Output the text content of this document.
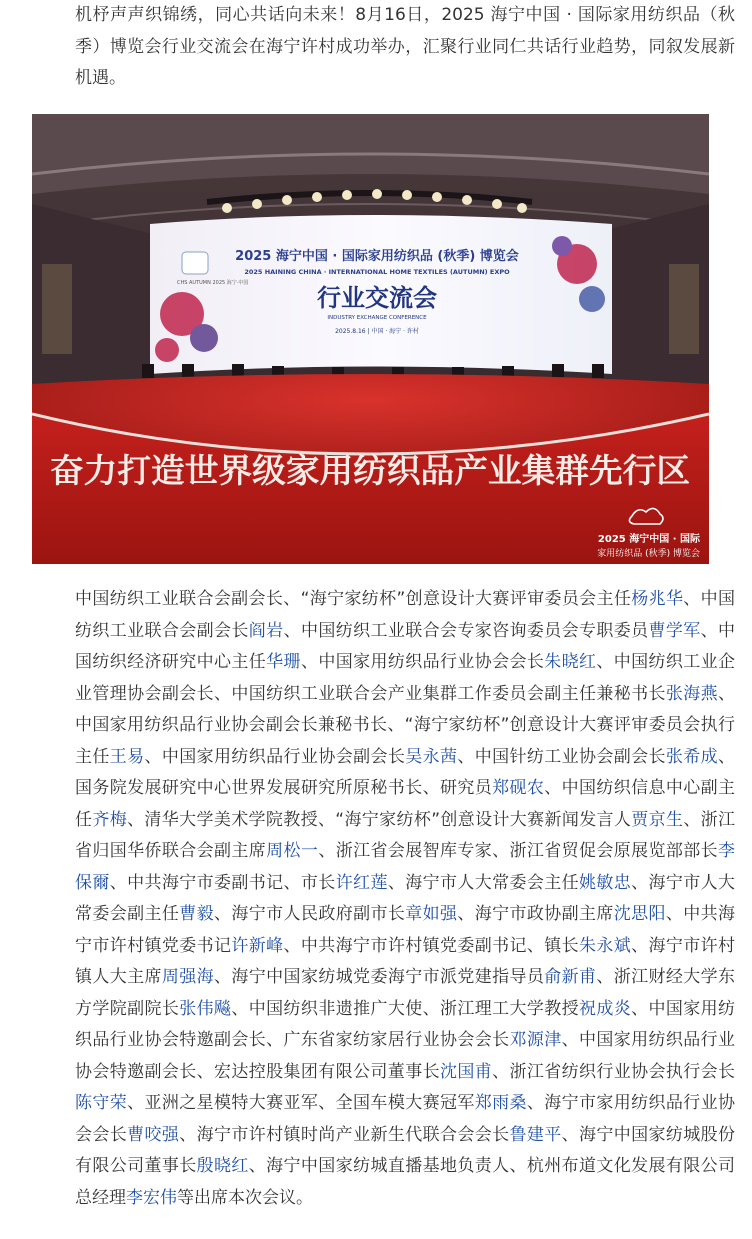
机杼声声织锦绣，同心共话向未来！8月16日，2025 海宁中国 · 国际家用纺织品（秋季）博览会行业交流会在海宁许村成功举办，汇聚行业同仁共话行业趋势，同叙发展新机遇。

CHS AUTUMN 2025 海宁·中国
2025 海宁中国 · 国际家用纺织品 (秋季) 博览会
2025 HAINING CHINA · INTERNATIONAL HOME TEXTILES (AUTUMN) EXPO
行业交流会
INDUSTRY EXCHANGE CONFERENCE
2025.8.16 | 中国 · 海宁 · 许村
奋力打造世界级家用纺织品产业集群先行区
2025 海宁中国 · 国际
家用纺织品 (秋季) 博览会

中国纺织工业联合会副会长、“海宁家纺杯”创意设计大赛评审委员会主任杨兆华、中国纺织工业联合会副会长阎岩、中国纺织工业联合会专家咨询委员会专职委员曹学军、中国纺织经济研究中心主任华珊、中国家用纺织品行业协会会长朱晓红、中国纺织工业企业管理协会副会长、中国纺织工业联合会产业集群工作委员会副主任兼秘书长张海燕、中国家用纺织品行业协会副会长兼秘书长、“海宁家纺杯”创意设计大赛评审委员会执行主任王易、中国家用纺织品行业协会副会长吴永茜、中国针纺工业协会副会长张希成、国务院发展研究中心世界发展研究所原秘书长、研究员郑砚农、中国纺织信息中心副主任齐梅、清华大学美术学院教授、“海宁家纺杯”创意设计大赛新闻发言人贾京生、浙江省归国华侨联合会副主席周松一、浙江省会展智库专家、浙江省贸促会原展览部部长李保爾、中共海宁市委副书记、市长许红莲、海宁市人大常委会主任姚敏忠、海宁市人大常委会副主任曹毅、海宁市人民政府副市长章如强、海宁市政协副主席沈思阳、中共海宁市许村镇党委书记许新峰、中共海宁市许村镇党委副书记、镇长朱永斌、海宁市许村镇人大主席周强海、海宁中国家纺城党委海宁市派党建指导员俞新甫、浙江财经大学东方学院副院长张伟飚、中国纺织非遗推广大使、浙江理工大学教授祝成炎、中国家用纺织品行业协会特邀副会长、广东省家纺家居行业协会会长邓源津、中国家用纺织品行业协会特邀副会长、宏达控股集团有限公司董事长沈国甫、浙江省纺织行业协会执行会长陈守荣、亚洲之星模特大赛亚军、全国车模大赛冠军郑雨桑、海宁市家用纺织品行业协会会长曹咬强、海宁市许村镇时尚产业新生代联合会会长鲁建平、海宁中国家纺城股份有限公司董事长殷晓红、海宁中国家纺城直播基地负责人、杭州布道文化发展有限公司总经理李宏伟等出席本次会议。
